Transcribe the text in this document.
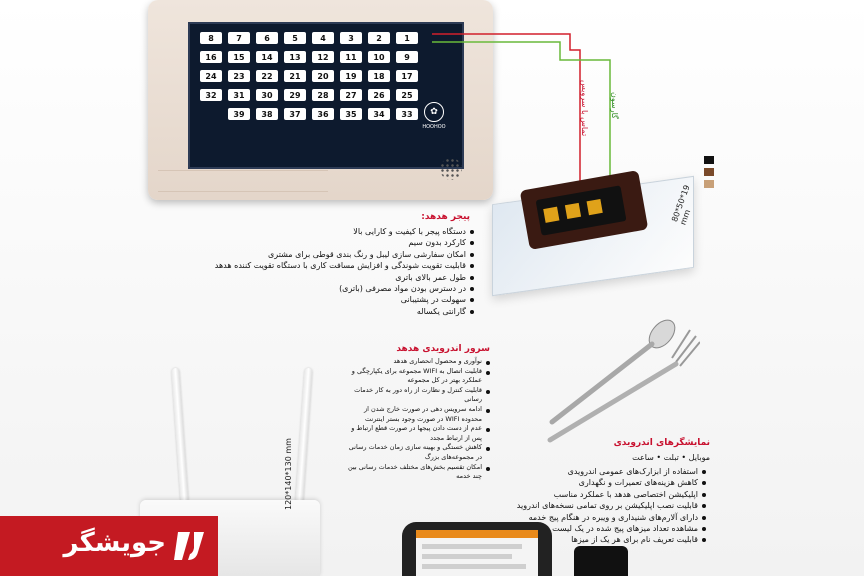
1
2
3
4
5
6
7
8
9
10
11
12
13
14
15
16
17
18
19
20
21
22
23
24
25
26
27
28
29
30
31
32
33
34
35
36
37
38
39	✿
HOOHOO	تماس با سرویس	گارسون
80*50*19 mm
پیجر هدهد:
دستگاه پیجر با کیفیت و کارایی بالا
کارکرد بدون سیم
امکان سفارشی سازی لیبل و رنگ بندی قوطی برای مشتری
قابلیت تقویت شوندگی و افزایش مسافت کاری با دستگاه تقویت کننده هدهد
طول عمر بالای باتری
در دسترس بودن مواد مصرفی (باتری)
سهولت در پشتیبانی
گارانتی یکساله
سرور اندرویدی هدهد
نوآوری و محصول انحصاری هدهد
قابلیت اتصال به WIFI مجموعه برای یکپارچگی و عملکرد بهتر در کل مجموعه
قابلیت کنترل و نظارت از راه دور به کار خدمات رسانی
ادامه سرویس دهی در صورت خارج شدن از محدوده WIFI در صورت وجود بستر اینترنت
عدم از دست دادن پیجها در صورت قطع ارتباط و پس از ارتباط مجدد
کاهش خستگی و بهینه سازی زمان خدمات رسانی در مجموعه‌های بزرگ
امکان تقسیم بخش‌های مختلف خدمات رسانی بین چند خدمه
120*140*130 mm	نمایشگرهای اندرویدی
موبایل • تبلت • ساعت
استفاده از ابزارک‌های عمومی اندرویدی
کاهش هزینه‌های تعمیرات و نگهداری
اپلیکیشن اختصاصی هدهد با عملکرد مناسب
قابلیت نصب اپلیکیشن بر روی تمامی نسخه‌های اندروید
دارای آلارم‌های شنیداری و ویبره در هنگام پیج خدمه
مشاهده تعداد میزهای پیج شده در یک لیست
قابلیت تعریف نام برای هر یک از میزها
جویشگر
